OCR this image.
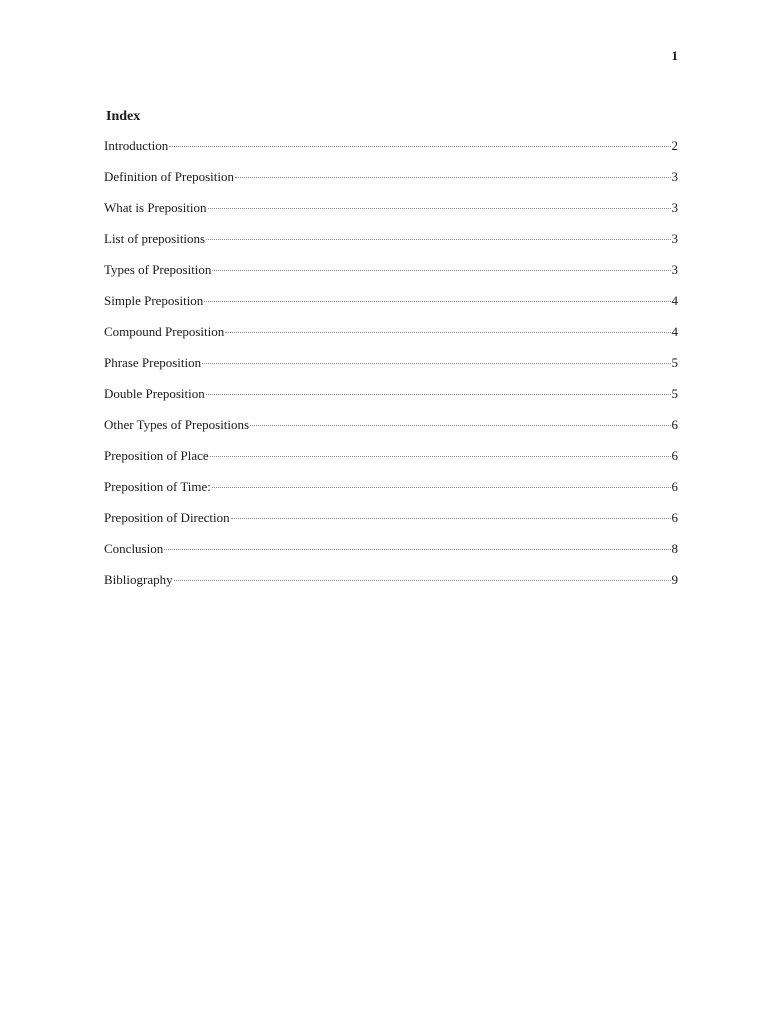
1
Index
Introduction	2
Definition of Preposition	3
What is Preposition	3
List of prepositions	3
Types of Preposition	3
Simple Preposition	4
Compound Preposition	4
Phrase Preposition	5
Double Preposition	5
Other Types of Prepositions	6
Preposition of Place	6
Preposition of Time:	6
Preposition of Direction	6
Conclusion	8
Bibliography	9
